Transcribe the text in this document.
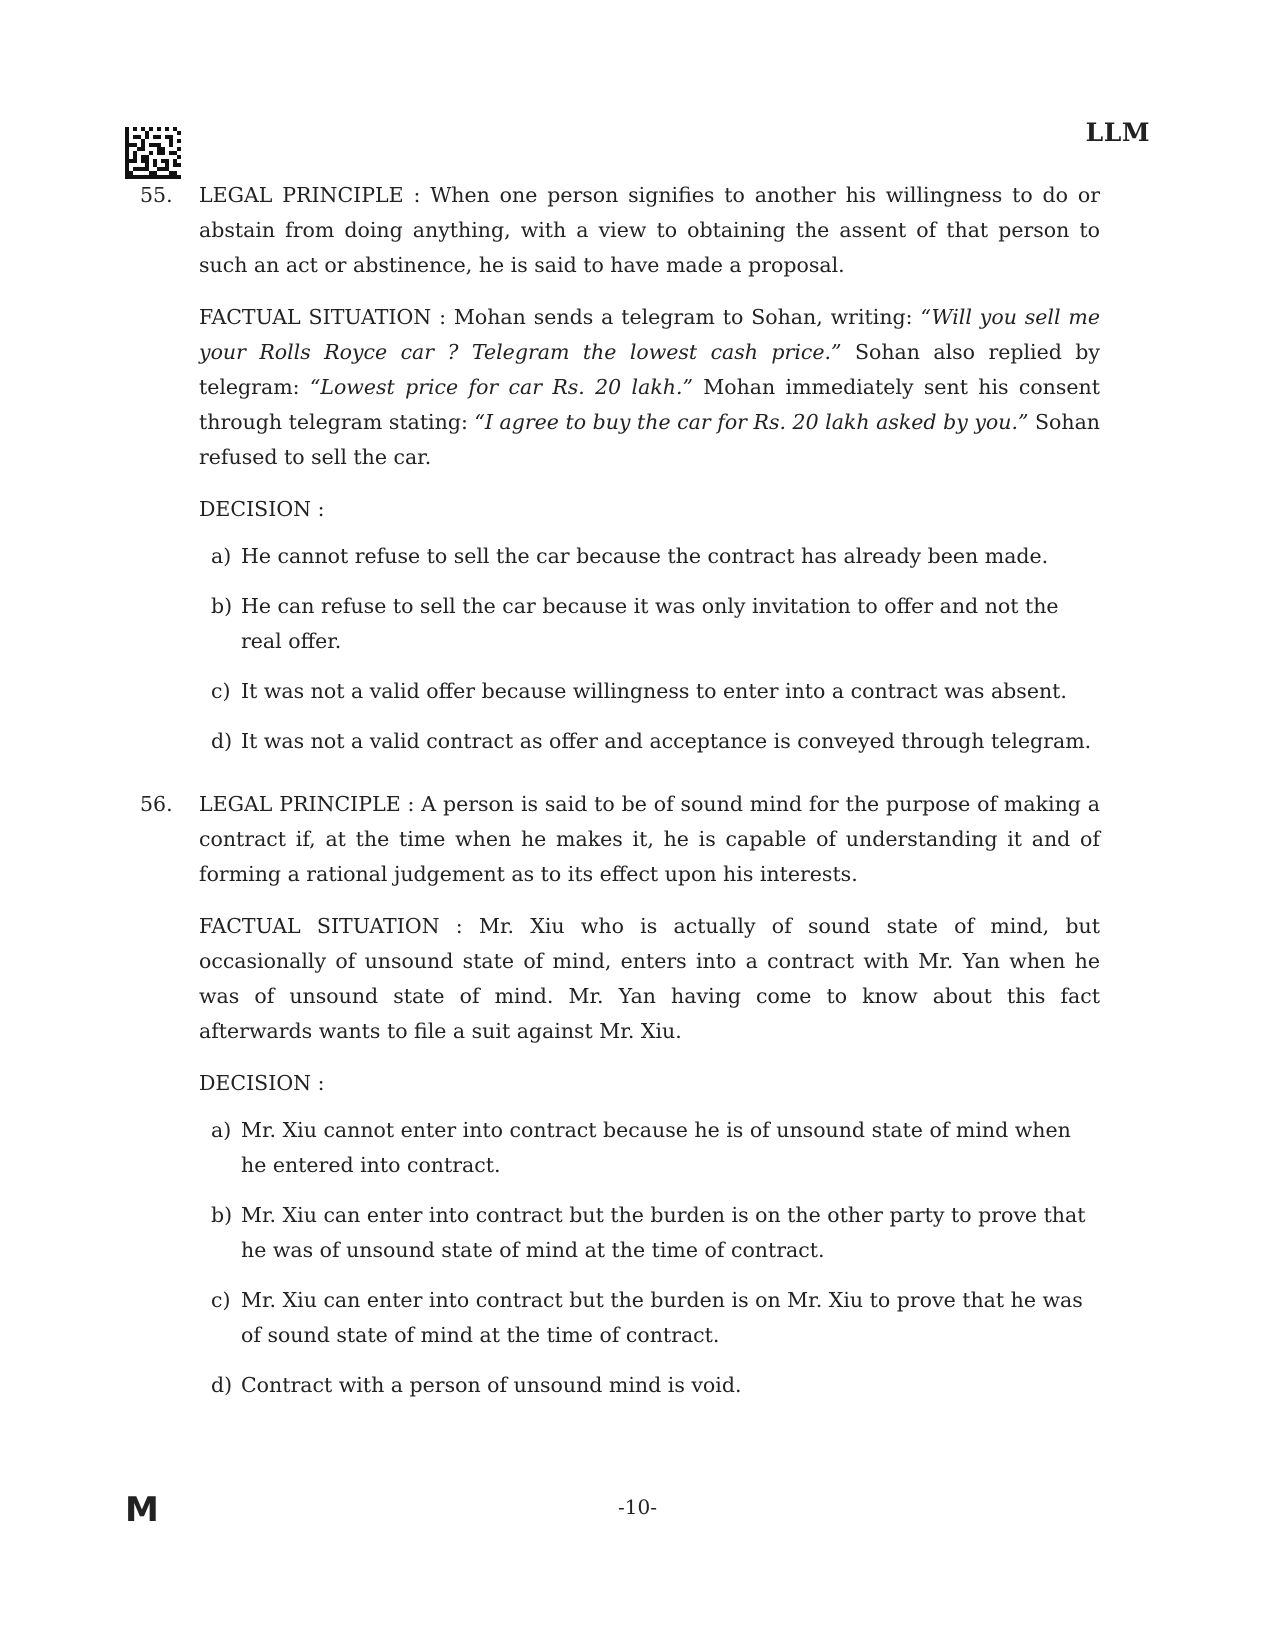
LLM
55. LEGAL PRINCIPLE : When one person signifies to another his willingness to do or abstain from doing anything, with a view to obtaining the assent of that person to such an act or abstinence, he is said to have made a proposal.

FACTUAL SITUATION : Mohan sends a telegram to Sohan, writing: “Will you sell me your Rolls Royce car ? Telegram the lowest cash price.” Sohan also replied by telegram: “Lowest price for car Rs. 20 lakh.” Mohan immediately sent his consent through telegram stating: “I agree to buy the car for Rs. 20 lakh asked by you.” Sohan refused to sell the car.

DECISION :

a) He cannot refuse to sell the car because the contract has already been made.
b) He can refuse to sell the car because it was only invitation to offer and not the real offer.
c) It was not a valid offer because willingness to enter into a contract was absent.
d) It was not a valid contract as offer and acceptance is conveyed through telegram.
56. LEGAL PRINCIPLE : A person is said to be of sound mind for the purpose of making a contract if, at the time when he makes it, he is capable of understanding it and of forming a rational judgement as to its effect upon his interests.

FACTUAL SITUATION : Mr. Xiu who is actually of sound state of mind, but occasionally of unsound state of mind, enters into a contract with Mr. Yan when he was of unsound state of mind. Mr. Yan having come to know about this fact afterwards wants to file a suit against Mr. Xiu.

DECISION :

a) Mr. Xiu cannot enter into contract because he is of unsound state of mind when he entered into contract.
b) Mr. Xiu can enter into contract but the burden is on the other party to prove that he was of unsound state of mind at the time of contract.
c) Mr. Xiu can enter into contract but the burden is on Mr. Xiu to prove that he was of sound state of mind at the time of contract.
d) Contract with a person of unsound mind is void.
M	-10-
